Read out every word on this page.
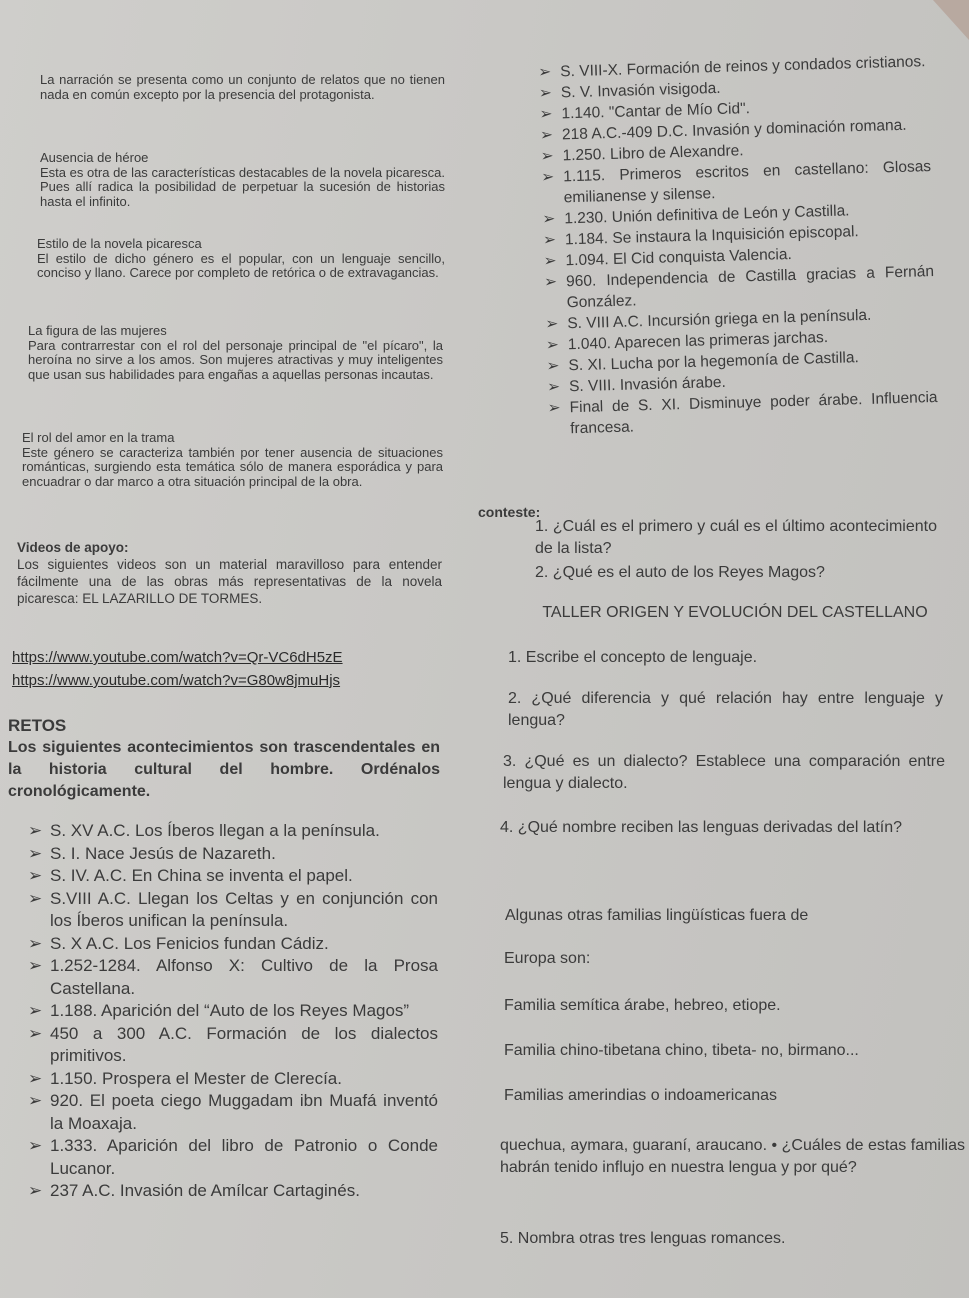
La narración se presenta como un conjunto de relatos que no tienen nada en común excepto por la presencia del protagonista.
Ausencia de héroe
Esta es otra de las características destacables de la novela picaresca. Pues allí radica la posibilidad de perpetuar la sucesión de historias hasta el infinito.
Estilo de la novela picaresca
El estilo de dicho género es el popular, con un lenguaje sencillo, conciso y llano. Carece por completo de retórica o de extravagancias.
La figura de las mujeres
Para contrarrestar con el rol del personaje principal de "el pícaro", la heroína no sirve a los amos. Son mujeres atractivas y muy inteligentes que usan sus habilidades para engañas a aquellas personas incautas.
El rol del amor en la trama
Este género se caracteriza también por tener ausencia de situaciones románticas, surgiendo esta temática sólo de manera esporádica y para encuadrar o dar marco a otra situación principal de la obra.
Videos de apoyo:
Los siguientes videos son un material maravilloso para entender fácilmente una de las obras más representativas de la novela picaresca: EL LAZARILLO DE TORMES.
https://www.youtube.com/watch?v=Qr-VC6dH5zE
https://www.youtube.com/watch?v=G80w8jmuHjs
RETOS
Los siguientes acontecimientos son trascendentales en la historia cultural del hombre. Ordénalos cronológicamente.
➢ S. XV A.C. Los Íberos llegan a la península.
➢ S. I. Nace Jesús de Nazareth.
➢ S. IV. A.C. En China se inventa el papel.
➢ S.VIII A.C. Llegan los Celtas y en conjunción con los Íberos unifican la península.
➢ S. X A.C. Los Fenicios fundan Cádiz.
➢ 1.252-1284. Alfonso X: Cultivo de la Prosa Castellana.
➢ 1.188. Aparición del “Auto de los Reyes Magos”
➢ 450 a 300 A.C. Formación de los dialectos primitivos.
➢ 1.150. Prospera el Mester de Clerecía.
➢ 920. El poeta ciego Muggadam ibn Muafá inventó la Moaxaja.
➢ 1.333. Aparición del libro de Patronio o Conde Lucanor.
➢ 237 A.C. Invasión de Amílcar Cartaginés.
➢ S. VIII-X. Formación de reinos y condados cristianos.
➢ S. V. Invasión visigoda.
➢ 1.140. "Cantar de Mío Cid".
➢ 218 A.C.-409 D.C. Invasión y dominación romana.
➢ 1.250. Libro de Alexandre.
➢ 1.115. Primeros escritos en castellano: Glosas emilianense y silense.
➢ 1.230. Unión definitiva de León y Castilla.
➢ 1.184. Se instaura la Inquisición episcopal.
➢ 1.094. El Cid conquista Valencia.
➢ 960. Independencia de Castilla gracias a Fernán González.
➢ S. VIII A.C. Incursión griega en la península.
➢ 1.040. Aparecen las primeras jarchas.
➢ S. XI. Lucha por la hegemonía de Castilla.
➢ S. VIII. Invasión árabe.
➢ Final de S. XI. Disminuye poder árabe. Influencia francesa.
conteste:
1. ¿Cuál es el primero y cuál es el último acontecimiento de la lista?
2. ¿Qué es el auto de los Reyes Magos?
TALLER ORIGEN Y EVOLUCIÓN DEL CASTELLANO
1. Escribe el concepto de lenguaje.
2. ¿Qué diferencia y qué relación hay entre lenguaje y lengua?
3. ¿Qué es un dialecto? Establece una comparación entre lengua y dialecto.
4. ¿Qué nombre reciben las lenguas derivadas del latín?
Algunas otras familias lingüísticas fuera de
Europa son:
Familia semítica árabe, hebreo, etiope.
Familia chino-tibetana chino, tibeta- no, birmano...
Familias amerindias o indoamericanas
quechua, aymara, guaraní, araucano. • ¿Cuáles de estas familias habrán tenido influjo en nuestra lengua y por qué?
5. Nombra otras tres lenguas romances.
